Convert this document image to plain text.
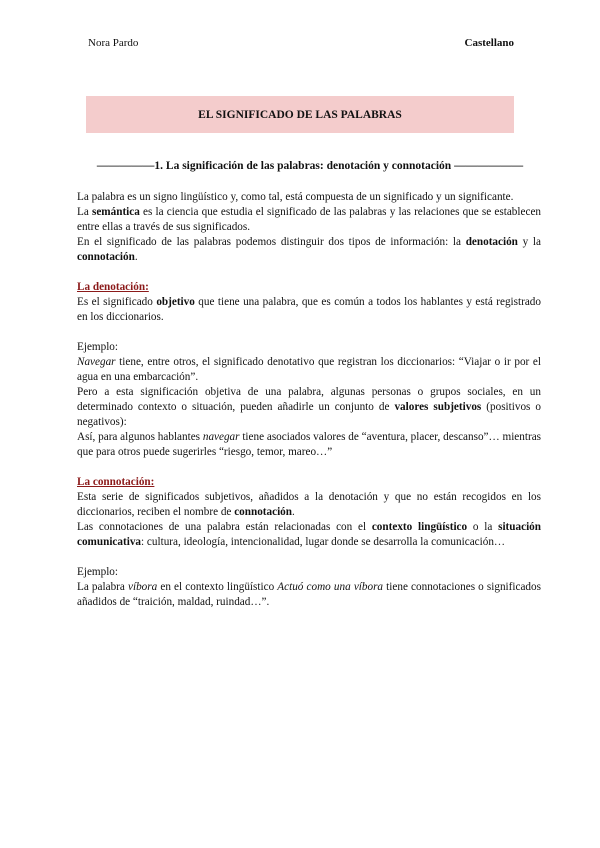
Nora Pardo	Castellano
EL SIGNIFICADO DE LAS PALABRAS
—————1. La significación de las palabras: denotación y connotación ——————

La palabra es un signo lingüístico y, como tal, está compuesta de un significado y un significante.

La semántica es la ciencia que estudia el significado de las palabras y las relaciones que se establecen entre ellas a través de sus significados.

En el significado de las palabras podemos distinguir dos tipos de información: la denotación y la connotación.

La denotación:

Es el significado objetivo que tiene una palabra, que es común a todos los hablantes y está registrado en los diccionarios.

Ejemplo:

Navegar tiene, entre otros, el significado denotativo que registran los diccionarios: “Viajar o ir por el agua en una embarcación”.

Pero a esta significación objetiva de una palabra, algunas personas o grupos sociales, en un determinado contexto o situación, pueden añadirle un conjunto de valores subjetivos (positivos o negativos):

Así, para algunos hablantes navegar tiene asociados valores de “aventura, placer, descanso”… mientras que para otros puede sugerirles “riesgo, temor, mareo…”

La connotación:

Esta serie de significados subjetivos, añadidos a la denotación y que no están recogidos en los diccionarios, reciben el nombre de connotación.

Las connotaciones de una palabra están relacionadas con el contexto lingüístico o la situación comunicativa: cultura, ideología, intencionalidad, lugar donde se desarrolla la comunicación…

Ejemplo:

La palabra víbora en el contexto lingüístico Actuó como una víbora tiene connotaciones o significados añadidos de “traición, maldad, ruindad…”.
